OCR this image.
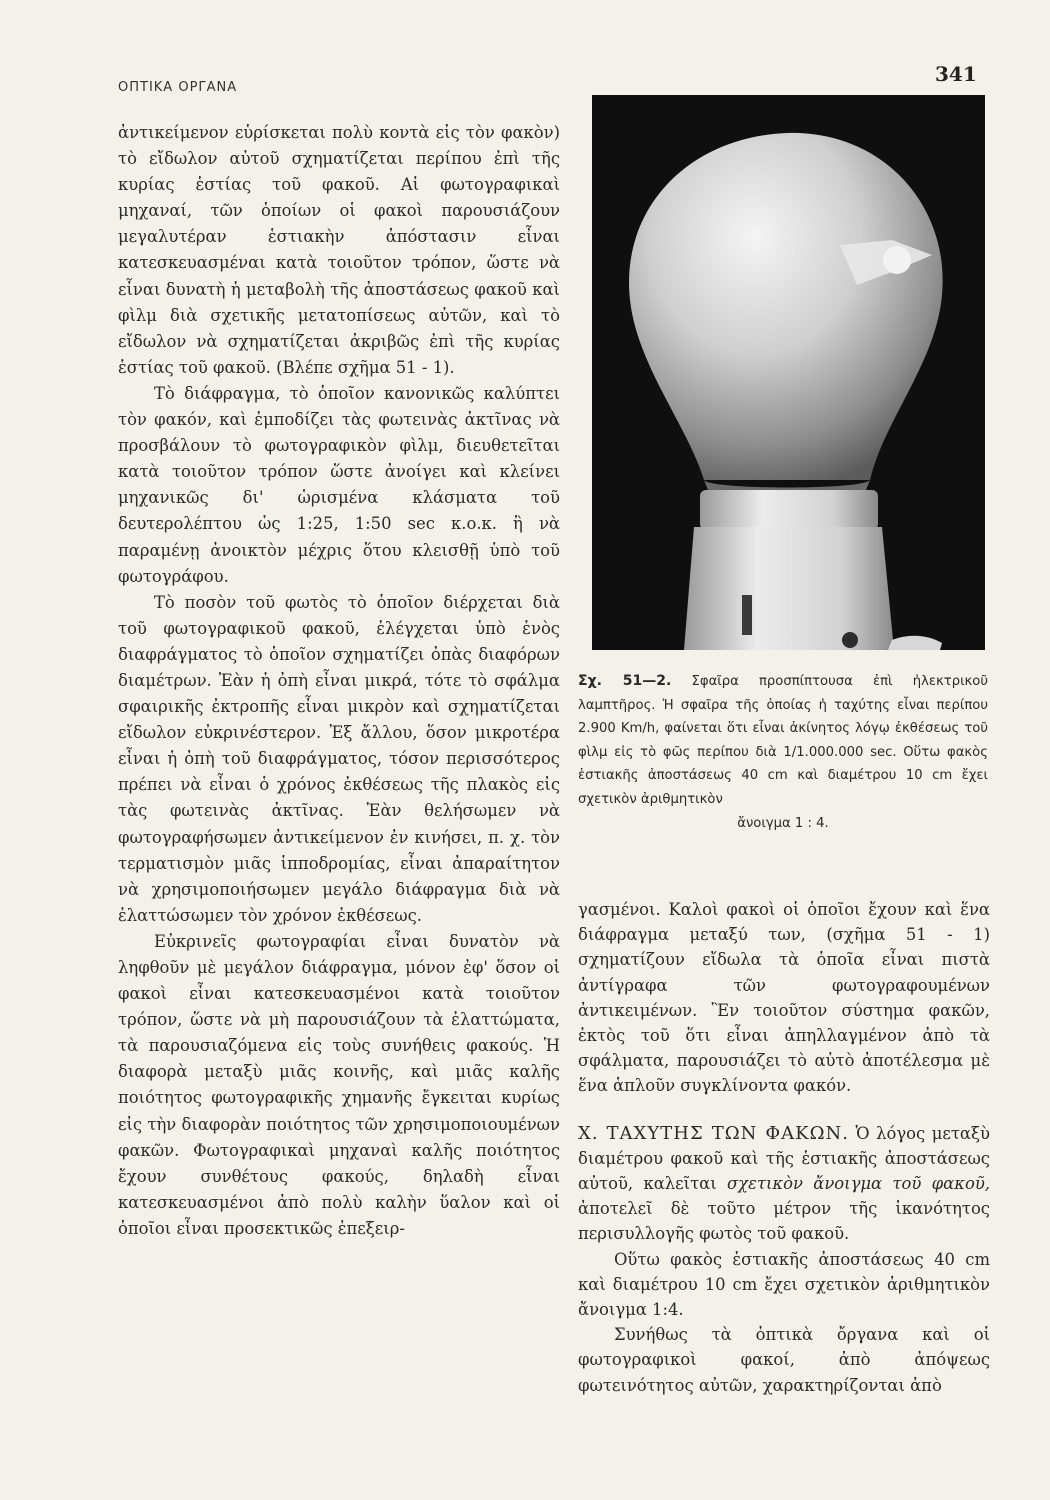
ΟΠΤΙΚΑ ΟΡΓΑΝΑ
341

ἀντικείμενον εὑρίσκεται πολὺ κοντὰ εἰς τὸν φακὸν) τὸ εἴδωλον αὐτοῦ σχηματίζεται περίπου ἐπὶ τῆς κυρίας ἑστίας τοῦ φακοῦ. Αἱ φωτογραφικαὶ μηχαναί, τῶν ὁποίων οἱ φακοὶ παρουσιάζουν μεγαλυτέραν ἑστιακὴν ἀπόστασιν εἶναι κατεσκευασμέναι κατὰ τοιοῦτον τρόπον, ὥστε νὰ εἶναι δυνατὴ ἡ μεταβολὴ τῆς ἀποστάσεως φακοῦ καὶ φὶλμ διὰ σχετικῆς μετατοπίσεως αὐτῶν, καὶ τὸ εἴδωλον νὰ σχηματίζεται ἀκριβῶς ἐπὶ τῆς κυρίας ἑστίας τοῦ φακοῦ. (Βλέπε σχῆμα 51 - 1).

Τὸ διάφραγμα, τὸ ὁποῖον κανονικῶς καλύπτει τὸν φακόν, καὶ ἐμποδίζει τὰς φωτεινὰς ἀκτῖνας νὰ προσβάλουν τὸ φωτογραφικὸν φὶλμ, διευθετεῖται κατὰ τοιοῦτον τρόπον ὥστε ἀνοίγει καὶ κλείνει μηχανικῶς δι' ὡρισμένα κλάσματα τοῦ δευτερολέπτου ὡς 1:25, 1:50 sec κ.ο.κ. ἢ νὰ παραμένῃ ἀνοικτὸν μέχρις ὅτου κλεισθῇ ὑπὸ τοῦ φωτογράφου.

Τὸ ποσὸν τοῦ φωτὸς τὸ ὁποῖον διέρχεται διὰ τοῦ φωτογραφικοῦ φακοῦ, ἐλέγχεται ὑπὸ ἑνὸς διαφράγματος τὸ ὁποῖον σχηματίζει ὀπὰς διαφόρων διαμέτρων. Ἐὰν ἡ ὀπὴ εἶναι μικρά, τότε τὸ σφάλμα σφαιρικῆς ἐκτροπῆς εἶναι μικρὸν καὶ σχηματίζεται εἴδωλον εὐκρινέστερον. Ἐξ ἄλλου, ὅσον μικροτέρα εἶναι ἡ ὀπὴ τοῦ διαφράγματος, τόσον περισσότερος πρέπει νὰ εἶναι ὁ χρόνος ἐκθέσεως τῆς πλακὸς εἰς τὰς φωτεινὰς ἀκτῖνας. Ἐὰν θελήσωμεν νὰ φωτογραφήσωμεν ἀντικείμενον ἐν κινήσει, π. χ. τὸν τερματισμὸν μιᾶς ἱπποδρομίας, εἶναι ἀπαραίτητον νὰ χρησιμοποιήσωμεν μεγάλο διάφραγμα διὰ νὰ ἐλαττώσωμεν τὸν χρόνον ἐκθέσεως.

Εὐκρινεῖς φωτογραφίαι εἶναι δυνατὸν νὰ ληφθοῦν μὲ μεγάλον διάφραγμα, μόνον ἐφ' ὅσον οἱ φακοὶ εἶναι κατεσκευασμένοι κατὰ τοιοῦτον τρόπον, ὥστε νὰ μὴ παρουσιάζουν τὰ ἐλαττώματα, τὰ παρουσιαζόμενα εἰς τοὺς συνήθεις φακούς. Ἡ διαφορὰ μεταξὺ μιᾶς κοινῆς, καὶ μιᾶς καλῆς ποιότητος φωτογραφικῆς χημανῆς ἔγκειται κυρίως εἰς τὴν διαφορὰν ποιότητος τῶν χρησιμοποιουμένων φακῶν. Φωτογραφικαὶ μηχαναὶ καλῆς ποιότητος ἔχουν συνθέτους φακούς, δηλαδὴ εἶναι κατεσκευασμένοι ἀπὸ πολὺ καλὴν ὕαλον καὶ οἱ ὁποῖοι εἶναι προσεκτικῶς ἐπεξειρ-

Σχ. 51—2. Σφαῖρα προσπίπτουσα ἐπὶ ἠλεκτρικοῦ λαμπτῆρος. Ἡ σφαῖρα τῆς ὁποίας ἡ ταχύτης εἶναι περίπου 2.900 Km/h, φαίνεται ὅτι εἶναι ἀκίνητος λόγῳ ἐκθέσεως τοῦ φὶλμ εἰς τὸ φῶς περίπου διὰ 1/1.000.000 sec. Οὕτω φακὸς ἑστιακῆς ἀποστάσεως 40 cm καὶ διαμέτρου 10 cm ἔχει σχετικὸν ἀριθμητικὸν
ἄνοιγμα 1 : 4.

γασμένοι. Καλοὶ φακοὶ οἱ ὁποῖοι ἔχουν καὶ ἕνα διάφραγμα μεταξύ των, (σχῆμα 51 - 1) σχηματίζουν εἴδωλα τὰ ὁποῖα εἶναι πιστὰ ἀντίγραφα τῶν φωτογραφουμένων ἀντικειμένων. Ἓν τοιοῦτον σύστημα φακῶν, ἐκτὸς τοῦ ὅτι εἶναι ἀπηλλαγμένον ἀπὸ τὰ σφάλματα, παρουσιάζει τὸ αὐτὸ ἀποτέλεσμα μὲ ἕνα ἁπλοῦν συγκλίνοντα φακόν.

Χ. ΤΑΧΥΤΗΣ ΤΩΝ ΦΑΚΩΝ. Ὁ λόγος μεταξὺ διαμέτρου φακοῦ καὶ τῆς ἑστιακῆς ἀποστάσεως αὐτοῦ, καλεῖται σχετικὸν ἄνοιγμα τοῦ φακοῦ, ἀποτελεῖ δὲ τοῦτο μέτρον τῆς ἱκανότητος περισυλλογῆς φωτὸς τοῦ φακοῦ.

Οὕτω φακὸς ἑστιακῆς ἀποστάσεως 40 cm καὶ διαμέτρου 10 cm ἔχει σχετικὸν ἀριθμητικὸν ἄνοιγμα 1:4.

Συνήθως τὰ ὀπτικὰ ὄργανα καὶ οἱ φωτογραφικοὶ φακοί, ἀπὸ ἀπόψεως φωτεινότητος αὐτῶν, χαρακτηρίζονται ἀπὸ
